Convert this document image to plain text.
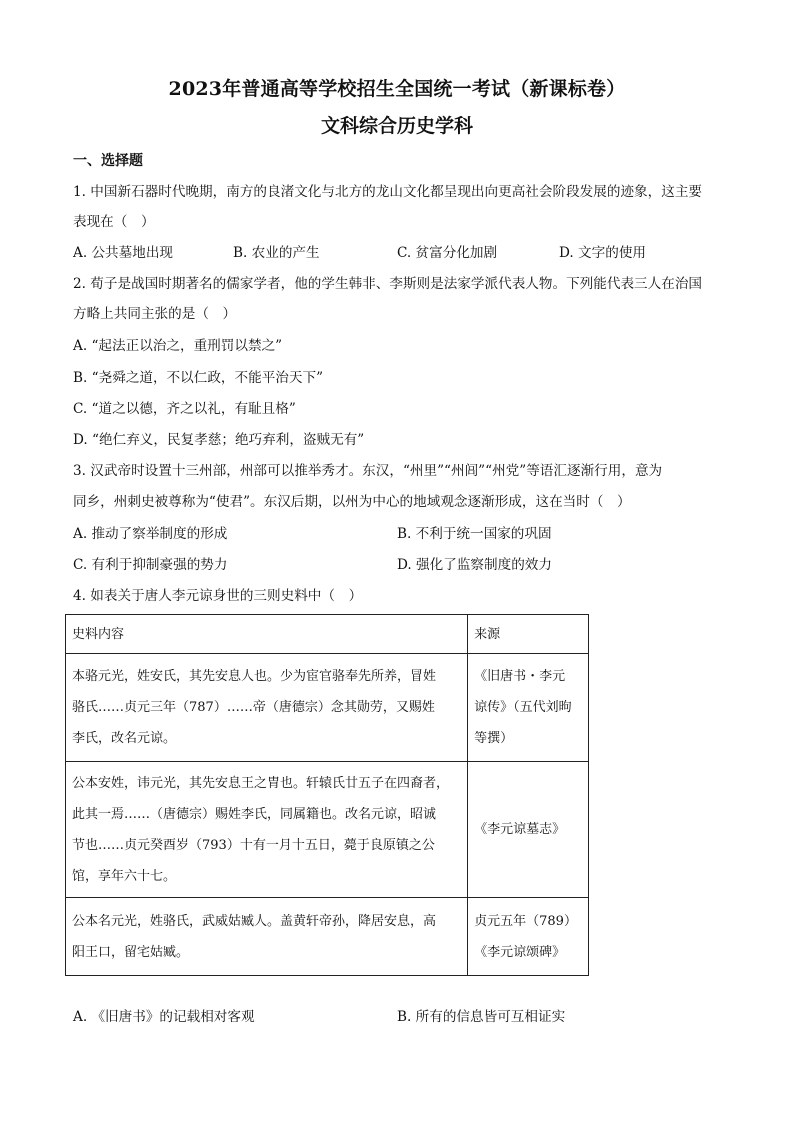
2023年普通高等学校招生全国统一考试（新课标卷）
文科综合历史学科
一、选择题
1. 中国新石器时代晚期，南方的良渚文化与北方的龙山文化都呈现出向更高社会阶段发展的迹象，这主要
表现在（　）
A. 公共墓地出现	B. 农业的产生	C. 贫富分化加剧	D. 文字的使用
2. 荀子是战国时期著名的儒家学者，他的学生韩非、李斯则是法家学派代表人物。下列能代表三人在治国
方略上共同主张的是（　）
A. “起法正以治之，重刑罚以禁之”
B. “尧舜之道，不以仁政，不能平治天下”
C. “道之以德，齐之以礼，有耻且格”
D. “绝仁弃义，民复孝慈；绝巧弃利，盗贼无有”
3. 汉武帝时设置十三州部，州部可以推举秀才。东汉，“州里”“州闾”“州党”等语汇逐渐行用，意为
同乡，州刺史被尊称为“使君”。东汉后期，以州为中心的地域观念逐渐形成，这在当时（　）
A. 推动了察举制度的形成	B. 不利于统一国家的巩固
C. 有利于抑制豪强的势力	D. 强化了监察制度的效力
4. 如表关于唐人李元谅身世的三则史料中（　）
史料内容	来源

本骆元光，姓安氏，其先安息人也。少为宦官骆奉先所养，冒姓
骆氏……贞元三年（787）……帝（唐德宗）念其勋劳，又赐姓
李氏，改名元谅。	《旧唐书・李元
谅传》（五代刘昫
等撰）

公本安姓，讳元光，其先安息王之胄也。轩辕氏廿五子在四裔者，
此其一焉……（唐德宗）赐姓李氏，同属籍也。改名元谅，昭诚
节也……贞元癸酉岁（793）十有一月十五日，薨于良原镇之公
馆，享年六十七。	《李元谅墓志》

公本名元光，姓骆氏，武威姑臧人。盖黄轩帝孙，降居安息，高
阳王口，留宅姑臧。	贞元五年（789）
《李元谅颂碑》
A. 《旧唐书》的记载相对客观	B. 所有的信息皆可互相证实
